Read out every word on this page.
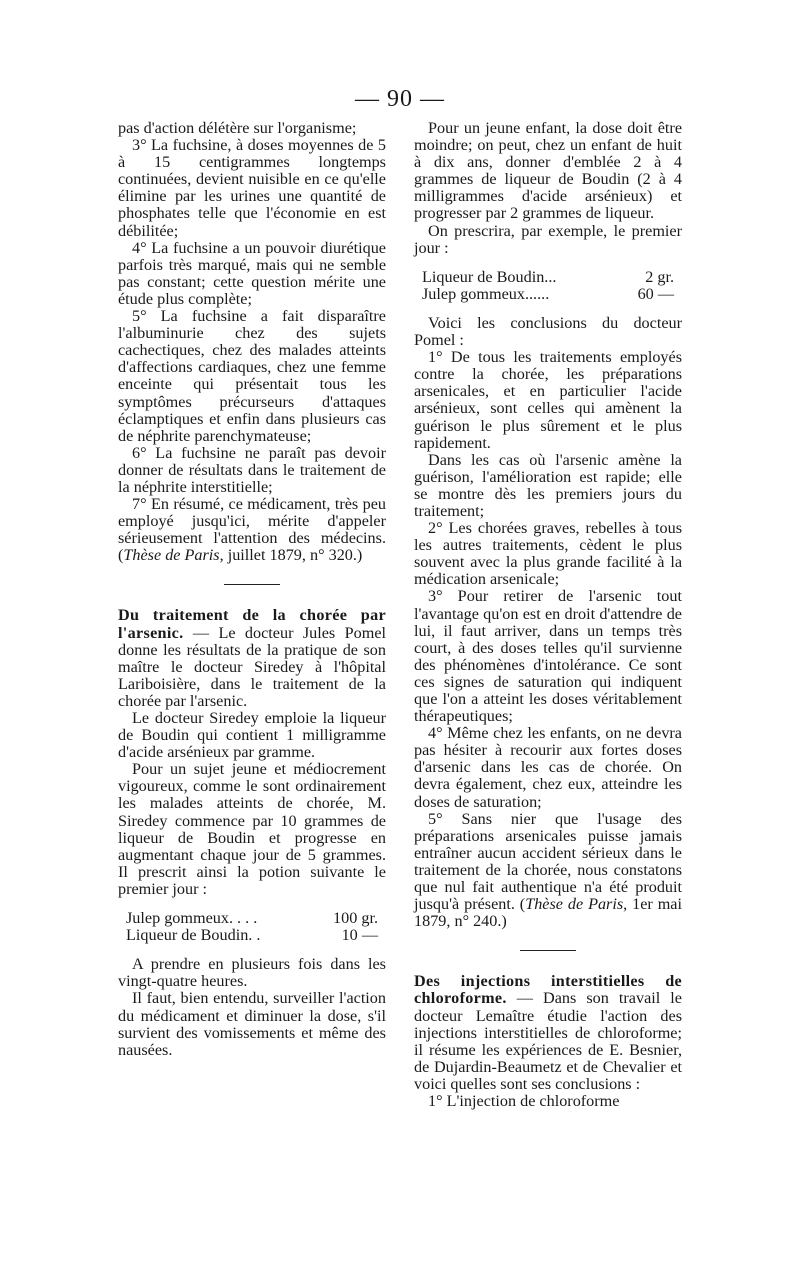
— 90 —

pas d'action délétère sur l'organisme;

3° La fuchsine, à doses moyennes de 5 à 15 centigrammes longtemps continuées, devient nuisible en ce qu'elle élimine par les urines une quantité de phosphates telle que l'économie en est débilitée;

4° La fuchsine a un pouvoir diurétique parfois très marqué, mais qui ne semble pas constant; cette question mérite une étude plus complète;

5° La fuchsine a fait disparaître l'albuminurie chez des sujets cachectiques, chez des malades atteints d'affections cardiaques, chez une femme enceinte qui présentait tous les symptômes précurseurs d'attaques éclamptiques et enfin dans plusieurs cas de néphrite parenchymateuse;

6° La fuchsine ne paraît pas devoir donner de résultats dans le traitement de la néphrite interstitielle;

7° En résumé, ce médicament, très peu employé jusqu'ici, mérite d'appeler sérieusement l'attention des médecins. (Thèse de Paris, juillet 1879, n° 320.)

Du traitement de la chorée par l'arsenic. — Le docteur Jules Pomel donne les résultats de la pratique de son maître le docteur Siredey à l'hôpital Lariboisière, dans le traitement de la chorée par l'arsenic.

Le docteur Siredey emploie la liqueur de Boudin qui contient 1 milligramme d'acide arsénieux par gramme.

Pour un sujet jeune et médiocrement vigoureux, comme le sont ordinairement les malades atteints de chorée, M. Siredey commence par 10 grammes de liqueur de Boudin et progresse en augmentant chaque jour de 5 grammes. Il prescrit ainsi la potion suivante le premier jour :

Julep gommeux. . . .	100 gr.
Liqueur de Boudin. .	10 —

A prendre en plusieurs fois dans les vingt-quatre heures.

Il faut, bien entendu, surveiller l'action du médicament et diminuer la dose, s'il survient des vomissements et même des nausées.

Pour un jeune enfant, la dose doit être moindre; on peut, chez un enfant de huit à dix ans, donner d'emblée 2 à 4 grammes de liqueur de Boudin (2 à 4 milligrammes d'acide arsénieux) et progresser par 2 grammes de liqueur.

On prescrira, par exemple, le premier jour :

Liqueur de Boudin...	2 gr.
Julep gommeux......	60 —

Voici les conclusions du docteur Pomel :

1° De tous les traitements employés contre la chorée, les préparations arsenicales, et en particulier l'acide arsénieux, sont celles qui amènent la guérison le plus sûrement et le plus rapidement.

Dans les cas où l'arsenic amène la guérison, l'amélioration est rapide; elle se montre dès les premiers jours du traitement;

2° Les chorées graves, rebelles à tous les autres traitements, cèdent le plus souvent avec la plus grande facilité à la médication arsenicale;

3° Pour retirer de l'arsenic tout l'avantage qu'on est en droit d'attendre de lui, il faut arriver, dans un temps très court, à des doses telles qu'il survienne des phénomènes d'intolérance. Ce sont ces signes de saturation qui indiquent que l'on a atteint les doses véritablement thérapeutiques;

4° Même chez les enfants, on ne devra pas hésiter à recourir aux fortes doses d'arsenic dans les cas de chorée. On devra également, chez eux, atteindre les doses de saturation;

5° Sans nier que l'usage des préparations arsenicales puisse jamais entraîner aucun accident sérieux dans le traitement de la chorée, nous constatons que nul fait authentique n'a été produit jusqu'à présent. (Thèse de Paris, 1er mai 1879, n° 240.)

Des injections interstitielles de chloroforme. — Dans son travail le docteur Lemaître étudie l'action des injections interstitielles de chloroforme; il résume les expériences de E. Besnier, de Dujardin-Beaumetz et de Chevalier et voici quelles sont ses conclusions :

1° L'injection de chloroforme
